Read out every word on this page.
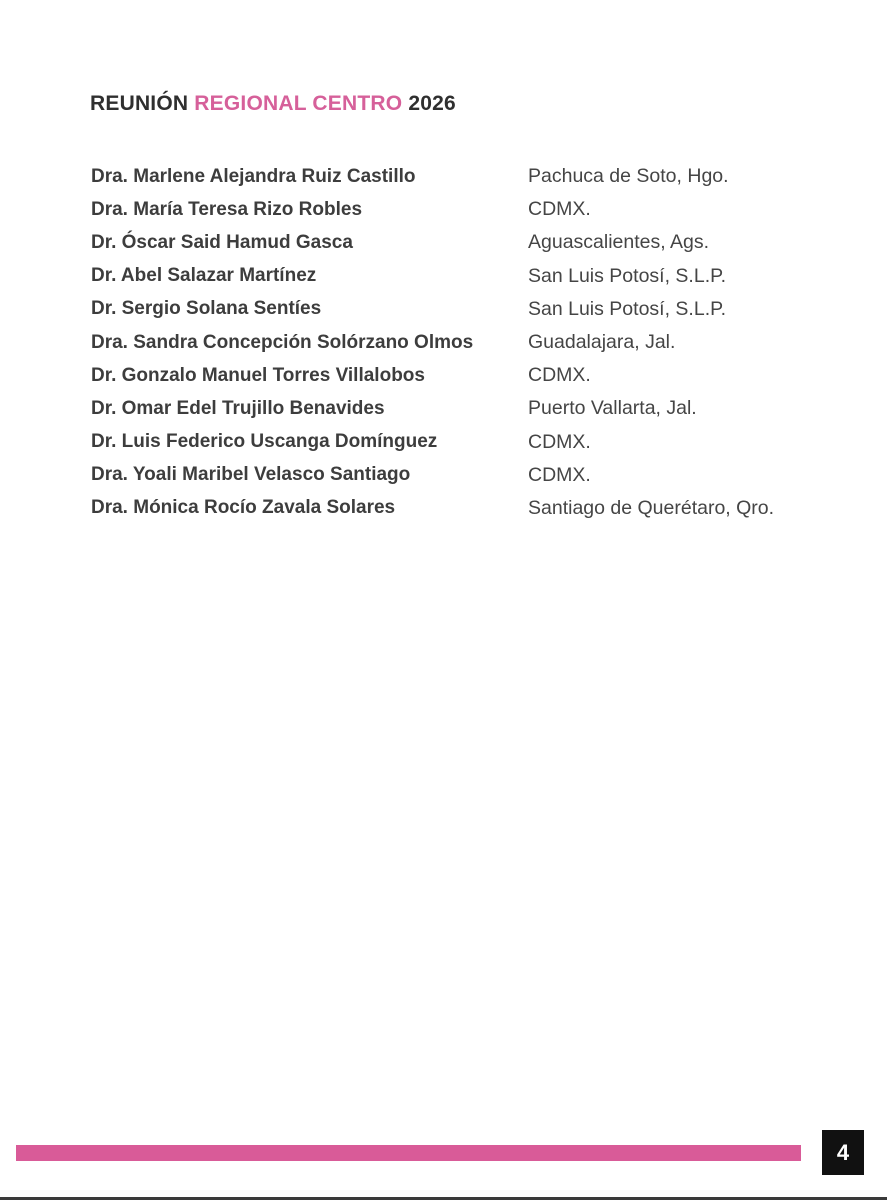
REUNIÓN REGIONAL CENTRO 2026
Dra. Marlene Alejandra Ruiz Castillo	Pachuca de Soto, Hgo.
Dra. María Teresa Rizo Robles	CDMX.
Dr. Óscar Said Hamud Gasca	Aguascalientes, Ags.
Dr. Abel Salazar Martínez	San Luis Potosí, S.L.P.
Dr. Sergio Solana Sentíes	San Luis Potosí, S.L.P.
Dra. Sandra Concepción Solórzano Olmos	Guadalajara, Jal.
Dr. Gonzalo Manuel Torres Villalobos	CDMX.
Dr. Omar Edel Trujillo Benavides	Puerto Vallarta, Jal.
Dr. Luis Federico Uscanga Domínguez	CDMX.
Dra. Yoali Maribel Velasco Santiago	CDMX.
Dra. Mónica Rocío Zavala Solares	Santiago de Querétaro, Qro.
4
